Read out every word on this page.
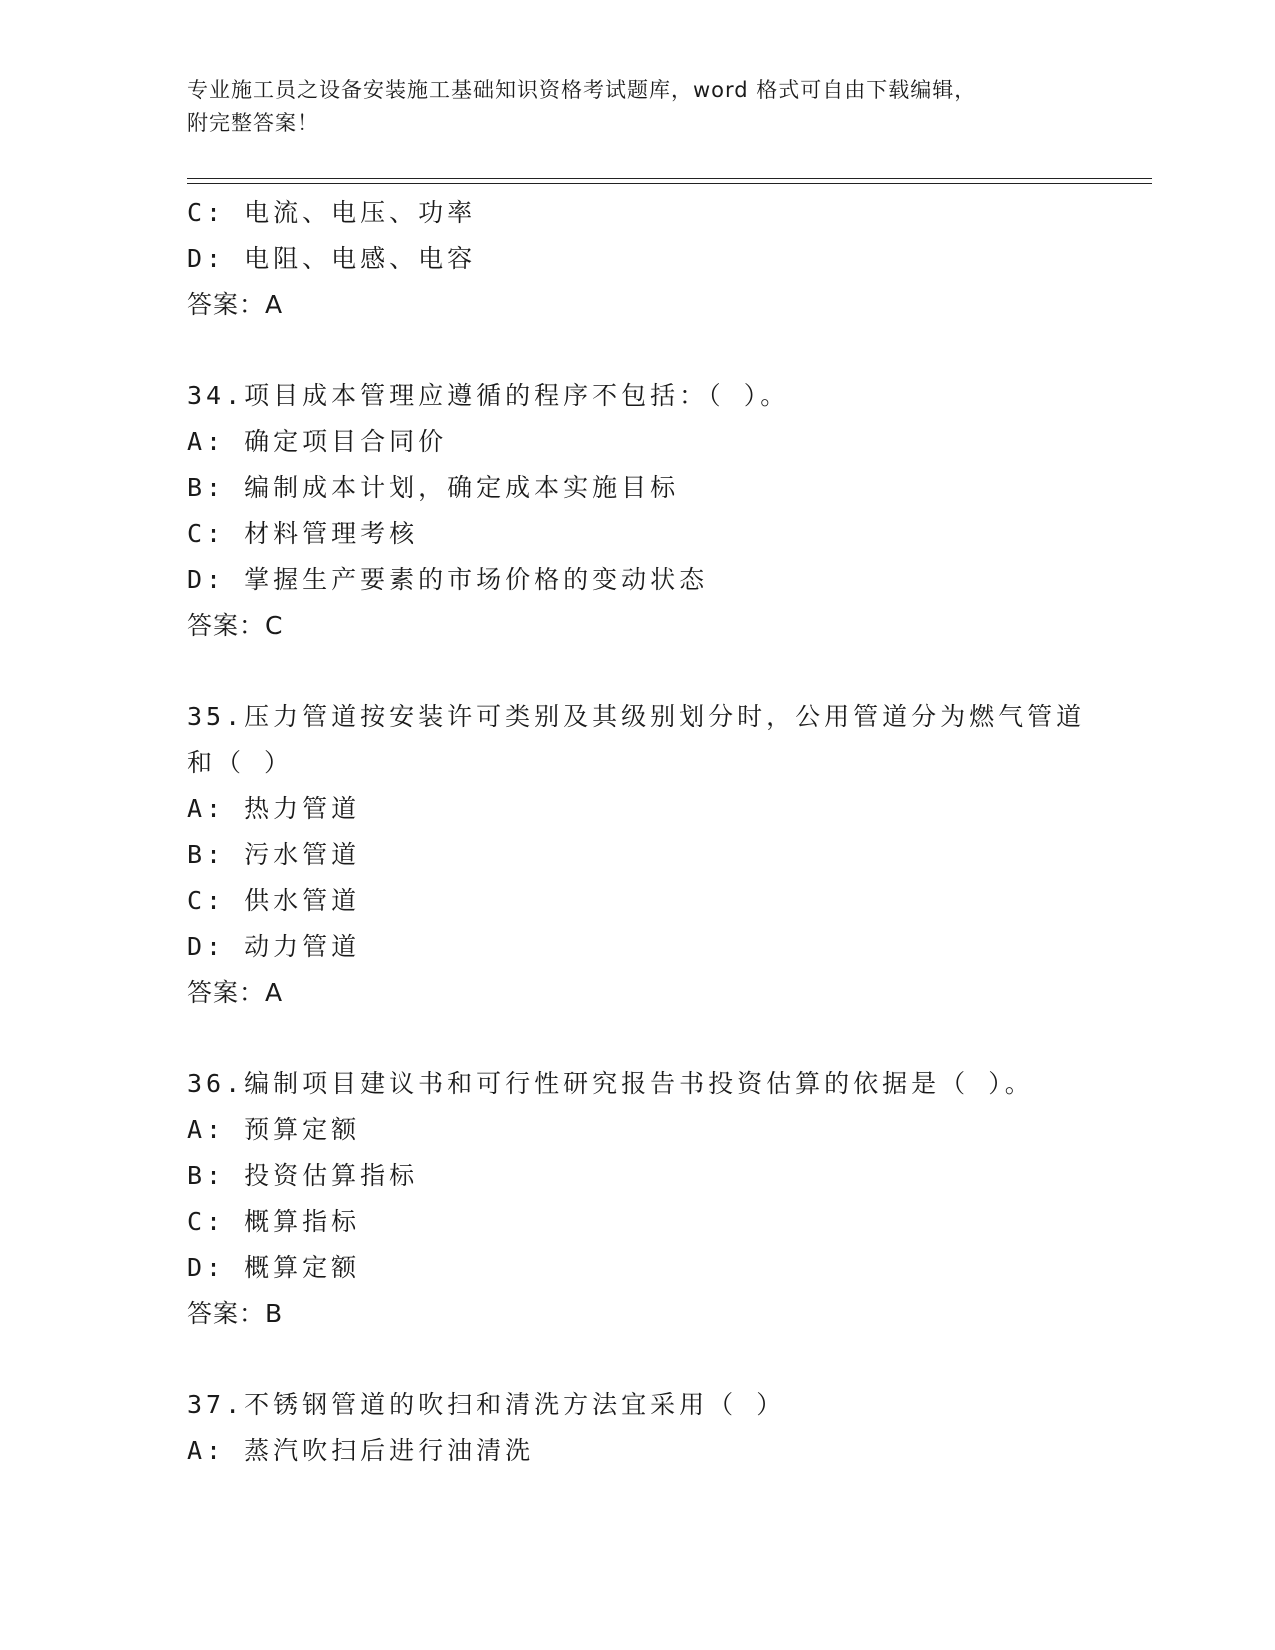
专业施工员之设备安装施工基础知识资格考试题库，word 格式可自由下载编辑，
附完整答案！
C: 电流、电压、功率
D: 电阻、电感、电容
答案：A
34.项目成本管理应遵循的程序不包括：（ ）。
A: 确定项目合同价
B: 编制成本计划，确定成本实施目标
C: 材料管理考核
D: 掌握生产要素的市场价格的变动状态
答案：C
35.压力管道按安装许可类别及其级别划分时，公用管道分为燃气管道
和（ ）
A: 热力管道
B: 污水管道
C: 供水管道
D: 动力管道
答案：A
36.编制项目建议书和可行性研究报告书投资估算的依据是（ ）。
A: 预算定额
B: 投资估算指标
C: 概算指标
D: 概算定额
答案：B
37.不锈钢管道的吹扫和清洗方法宜采用（ ）
A: 蒸汽吹扫后进行油清洗
